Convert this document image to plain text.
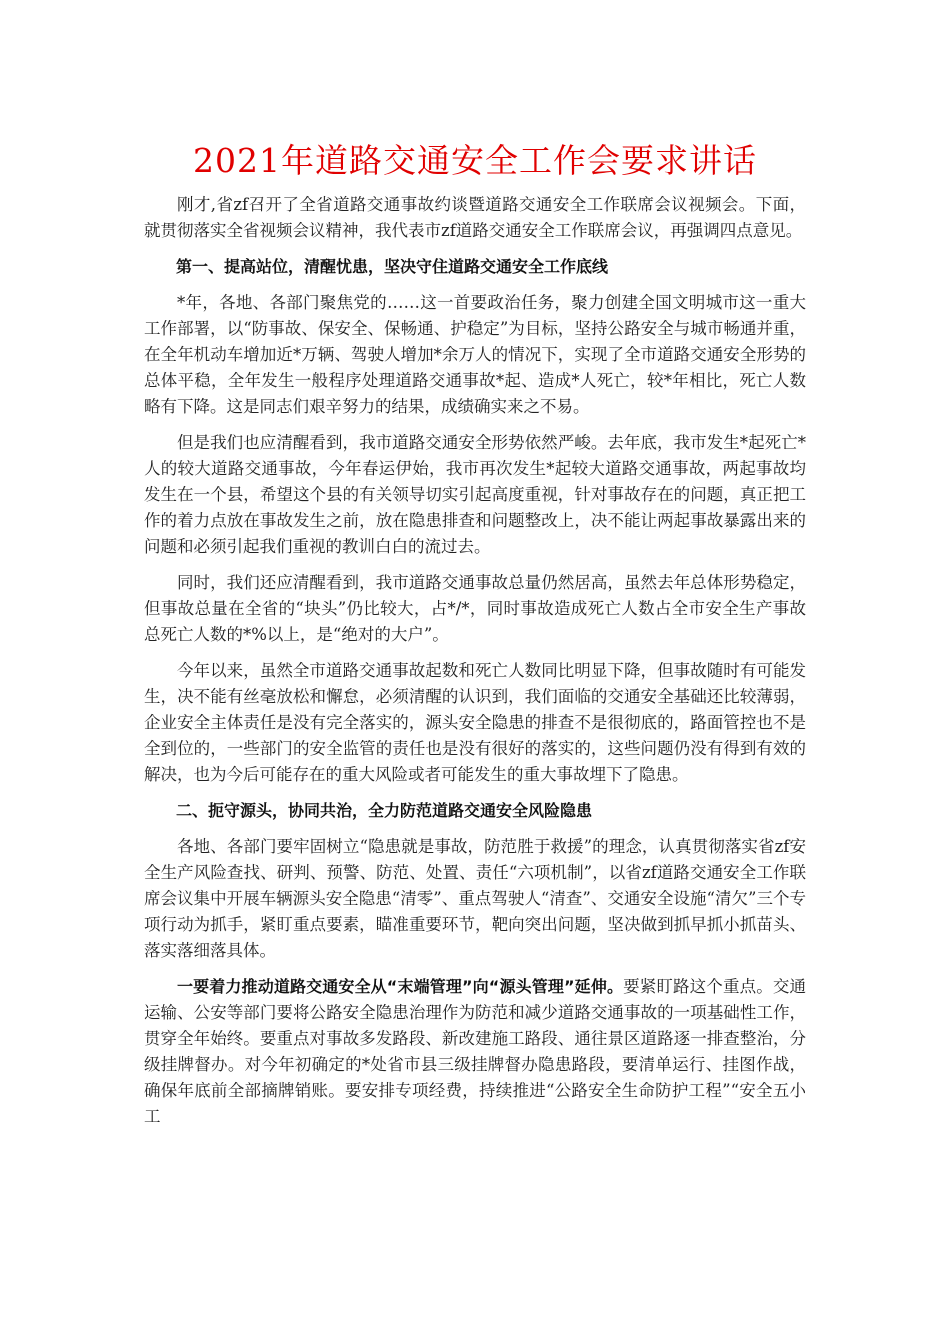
2021年道路交通安全工作会要求讲话

刚才,省zf召开了全省道路交通事故约谈暨道路交通安全工作联席会议视频会。下面，就贯彻落实全省视频会议精神，我代表市zf道路交通安全工作联席会议，再强调四点意见。

第一、提高站位，清醒忧患，坚决守住道路交通安全工作底线

*年，各地、各部门聚焦党的……这一首要政治任务，聚力创建全国文明城市这一重大工作部署，以“防事故、保安全、保畅通、护稳定”为目标，坚持公路安全与城市畅通并重，在全年机动车增加近*万辆、驾驶人增加*余万人的情况下，实现了全市道路交通安全形势的总体平稳，全年发生一般程序处理道路交通事故*起、造成*人死亡，较*年相比，死亡人数略有下降。这是同志们艰辛努力的结果，成绩确实来之不易。

但是我们也应清醒看到，我市道路交通安全形势依然严峻。去年底，我市发生*起死亡*人的较大道路交通事故，今年春运伊始，我市再次发生*起较大道路交通事故，两起事故均发生在一个县，希望这个县的有关领导切实引起高度重视，针对事故存在的问题，真正把工作的着力点放在事故发生之前，放在隐患排查和问题整改上，决不能让两起事故暴露出来的问题和必须引起我们重视的教训白白的流过去。

同时，我们还应清醒看到，我市道路交通事故总量仍然居高，虽然去年总体形势稳定，但事故总量在全省的“块头”仍比较大，占*/*，同时事故造成死亡人数占全市安全生产事故总死亡人数的*%以上，是“绝对的大户”。

今年以来，虽然全市道路交通事故起数和死亡人数同比明显下降，但事故随时有可能发生，决不能有丝毫放松和懈怠，必须清醒的认识到，我们面临的交通安全基础还比较薄弱，企业安全主体责任是没有完全落实的，源头安全隐患的排查不是很彻底的，路面管控也不是全到位的，一些部门的安全监管的责任也是没有很好的落实的，这些问题仍没有得到有效的解决，也为今后可能存在的重大风险或者可能发生的重大事故埋下了隐患。

二、扼守源头，协同共治，全力防范道路交通安全风险隐患

各地、各部门要牢固树立“隐患就是事故，防范胜于救援”的理念，认真贯彻落实省zf安全生产风险查找、研判、预警、防范、处置、责任“六项机制”，以省zf道路交通安全工作联席会议集中开展车辆源头安全隐患“清零”、重点驾驶人“清查”、交通安全设施“清欠”三个专项行动为抓手，紧盯重点要素，瞄准重要环节，靶向突出问题，坚决做到抓早抓小抓苗头、落实落细落具体。

一要着力推动道路交通安全从“末端管理”向“源头管理”延伸。要紧盯路这个重点。交通运输、公安等部门要将公路安全隐患治理作为防范和减少道路交通事故的一项基础性工作，贯穿全年始终。要重点对事故多发路段、新改建施工路段、通往景区道路逐一排查整治，分级挂牌督办。对今年初确定的*处省市县三级挂牌督办隐患路段，要清单运行、挂图作战，确保年底前全部摘牌销账。要安排专项经费，持续推进“公路安全生命防护工程”“安全五小工
